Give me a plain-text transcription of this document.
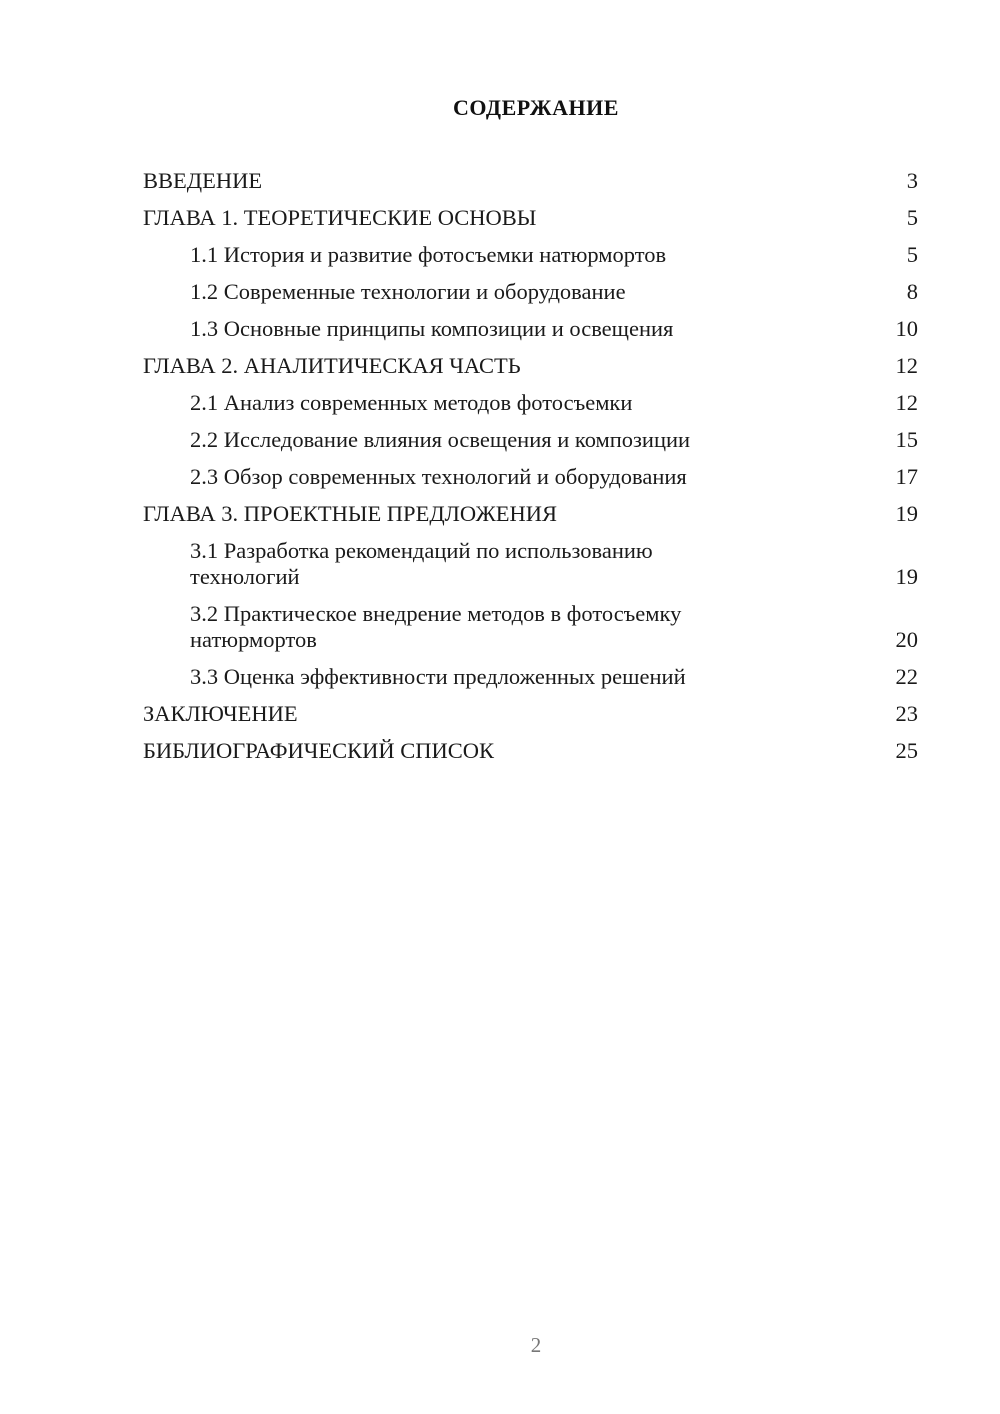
СОДЕРЖАНИЕ
ВВЕДЕНИЕ	3
ГЛАВА 1. ТЕОРЕТИЧЕСКИЕ ОСНОВЫ	5
1.1 История и развитие фотосъемки натюрмортов	5
1.2 Современные технологии и оборудование	8
1.3 Основные принципы композиции и освещения	10
ГЛАВА 2. АНАЛИТИЧЕСКАЯ ЧАСТЬ	12
2.1 Анализ современных методов фотосъемки	12
2.2 Исследование влияния освещения и композиции	15
2.3 Обзор современных технологий и оборудования	17
ГЛАВА 3. ПРОЕКТНЫЕ ПРЕДЛОЖЕНИЯ	19
3.1 Разработка рекомендаций по использованию
технологий	19
3.2 Практическое внедрение методов в фотосъемку
натюрмортов	20
3.3 Оценка эффективности предложенных решений	22
ЗАКЛЮЧЕНИЕ	23
БИБЛИОГРАФИЧЕСКИЙ СПИСОК	25
2
